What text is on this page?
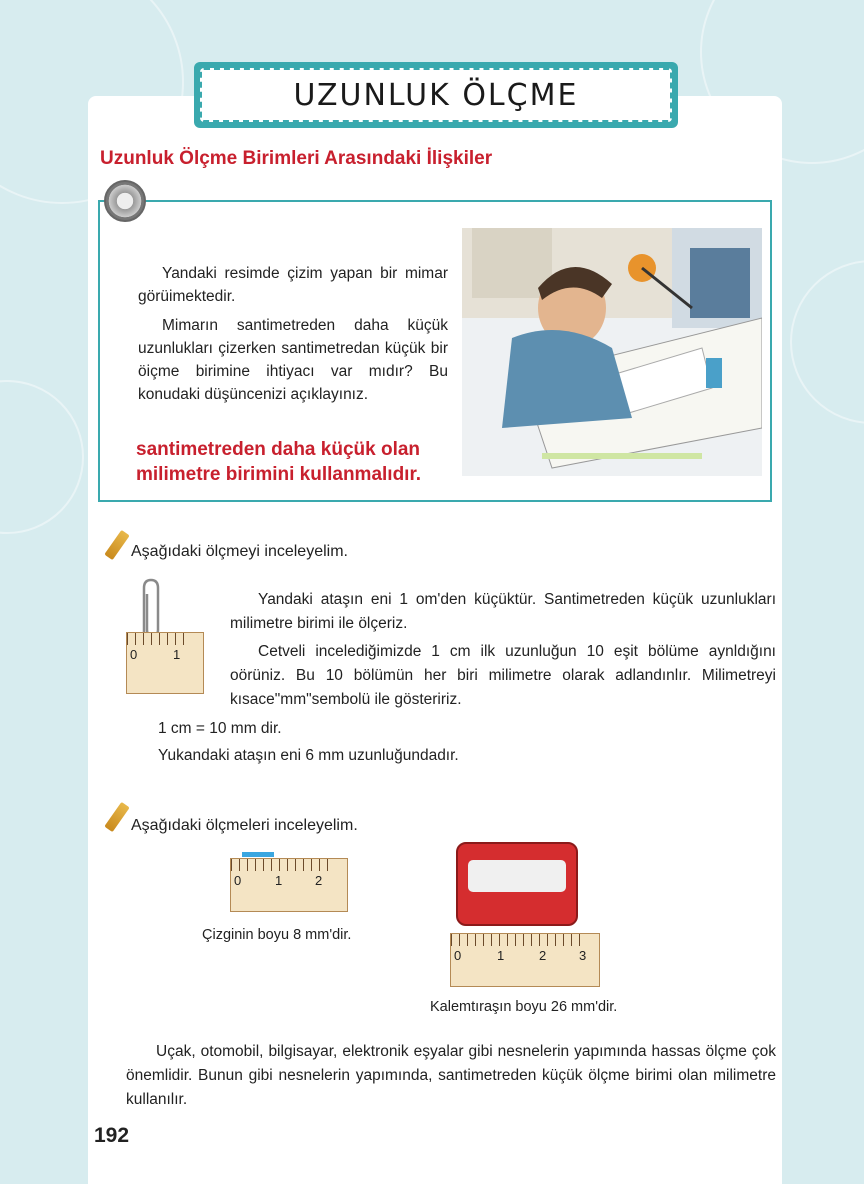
UZUNLUK ÖLÇME
Uzunluk Ölçme Birimleri Arasındaki İlişkiler

Yandaki resimde çizim yapan bir mimar görüimektedir.

Mimarın santimetreden daha küçük uzunlukları çizerken santimetredan küçük bir öiçme birimine ihtiyacı var mıdır? Bu konudaki düşüncenizi açıklayınız.

santimetreden daha küçük olan
milimetre birimini kullanmalıdır.
Aşağıdaki ölçmeyi inceleyelim.
0	1
Yandaki ataşın eni 1 om'den küçüktür. Santimetreden küçük uzunlukları milimetre birimi ile ölçeriz.
Cetveli incelediğimizde 1 cm ilk uzunluğun 10 eşit bölüme aynldığını oörüniz. Bu 10 bölümün her biri milimetre olarak adlandınlır. Milimetreyi kısace"mm"sembolü ile gösteririz.
1 cm = 10 mm dir.
Yukandaki ataşın eni 6 mm uzunluğundadır.
Aşağıdaki ölçmeleri inceleyelim.
0	1	2
Çizginin boyu 8 mm'dir.
0	1	2	3
Kalemtıraşın boyu 26 mm'dir.
Uçak, otomobil, bilgisayar, elektronik eşyalar gibi nesnelerin yapımında hassas ölçme çok önemlidir. Bunun gibi nesnelerin yapımında, santimetreden küçük ölçme birimi olan milimetre kullanılır.
192
